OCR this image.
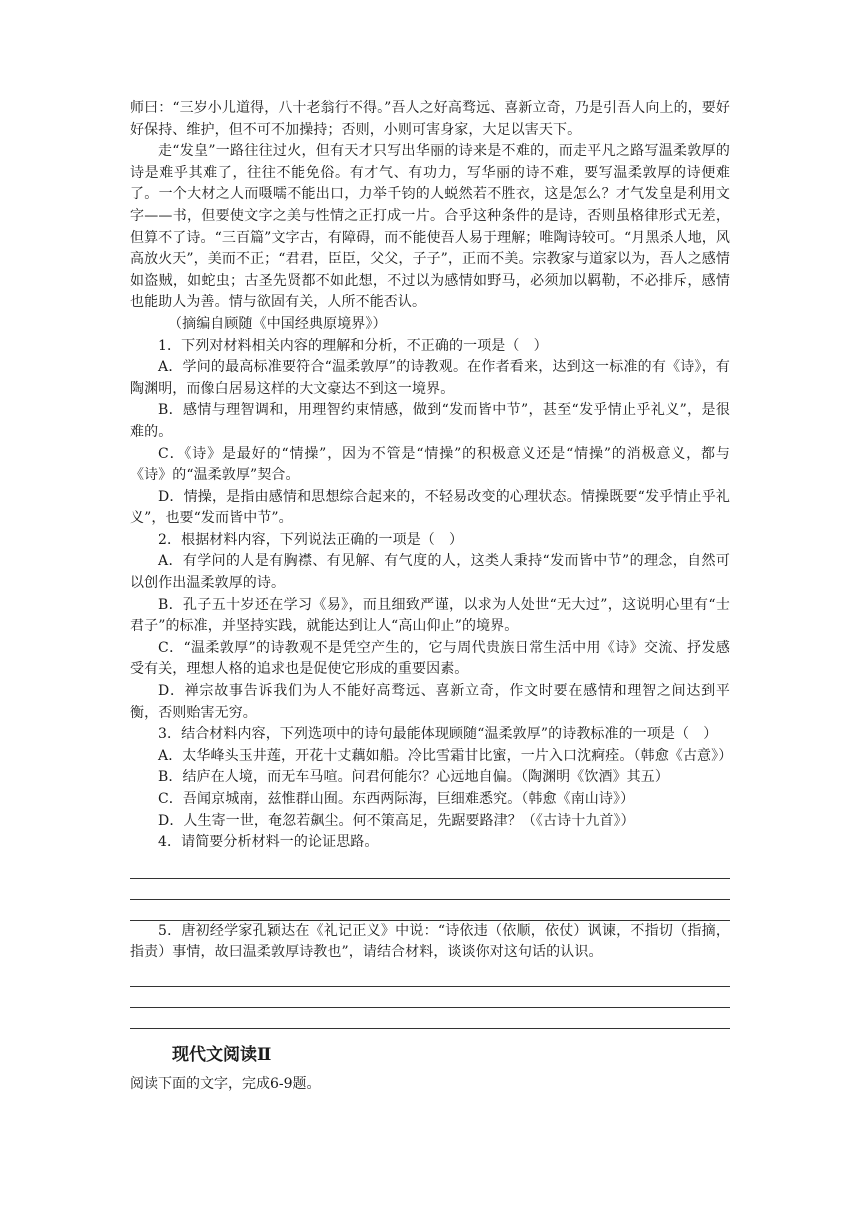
师曰：“三岁小儿道得，八十老翁行不得。”吾人之好高骛远、喜新立奇，乃是引吾人向上的，要好好保持、维护，但不可不加操持；否则，小则可害身家，大足以害天下。

走“发皇”一路往往过火，但有天才只写出华丽的诗来是不难的，而走平凡之路写温柔敦厚的诗是难乎其难了，往往不能免俗。有才气、有功力，写华丽的诗不难，要写温柔敦厚的诗便难了。一个大材之人而嗫嚅不能出口，力举千钧的人蜕然若不胜衣，这是怎么？才气发皇是利用文字——书，但要使文字之美与性情之正打成一片。合乎这种条件的是诗，否则虽格律形式无差，但算不了诗。“三百篇”文字古，有障碍，而不能使吾人易于理解；唯陶诗较可。“月黑杀人地，风高放火天”，美而不正；“君君，臣臣，父父，子子”，正而不美。宗教家与道家以为，吾人之感情如盗贼，如蛇虫；古圣先贤都不如此想，不过以为感情如野马，必须加以羁勒，不必排斥，感情也能助人为善。情与欲固有关，人所不能否认。

（摘编自顾随《中国经典原境界》）

1．下列对材料相关内容的理解和分析，不正确的一项是（　）

A．学问的最高标准要符合“温柔敦厚”的诗教观。在作者看来，达到这一标准的有《诗》，有陶渊明，而像白居易这样的大文豪达不到这一境界。

B．感情与理智调和，用理智约束情感，做到“发而皆中节”，甚至“发乎情止乎礼义”，是很难的。

C．《诗》是最好的“情操”，因为不管是“情操”的积极意义还是“情操”的消极意义，都与《诗》的“温柔敦厚”契合。

D．情操，是指由感情和思想综合起来的，不轻易改变的心理状态。情操既要“发乎情止乎礼义”，也要“发而皆中节”。

2．根据材料内容，下列说法正确的一项是（　）

A．有学问的人是有胸襟、有见解、有气度的人，这类人秉持“发而皆中节”的理念，自然可以创作出温柔敦厚的诗。

B．孔子五十岁还在学习《易》，而且细致严谨，以求为人处世“无大过”，这说明心里有“士君子”的标准，并坚持实践，就能达到让人“高山仰止”的境界。

C．“温柔敦厚”的诗教观不是凭空产生的，它与周代贵族日常生活中用《诗》交流、抒发感受有关，理想人格的追求也是促使它形成的重要因素。

D．禅宗故事告诉我们为人不能好高骛远、喜新立奇，作文时要在感情和理智之间达到平衡，否则贻害无穷。

3．结合材料内容，下列选项中的诗句最能体现顾随“温柔敦厚”的诗教标准的一项是（　）

A．太华峰头玉井莲，开花十丈藕如船。冷比雪霜甘比蜜，一片入口沈痾痊。（韩愈《古意》）

B．结庐在人境，而无车马喧。问君何能尔？心远地自偏。（陶渊明《饮酒》其五）

C．吾闻京城南，兹惟群山囿。东西两际海，巨细难悉究。（韩愈《南山诗》）

D．人生寄一世，奄忽若飙尘。何不策高足，先踞要路津？（《古诗十九首》）

4．请简要分析材料一的论证思路。

5．唐初经学家孔颖达在《礼记正义》中说：“诗依违（依顺，依仗）讽谏，不指切（指摘，指责）事情，故曰温柔敦厚诗教也”，请结合材料，谈谈你对这句话的认识。

现代文阅读Ⅱ
阅读下面的文字，完成6-9题。
